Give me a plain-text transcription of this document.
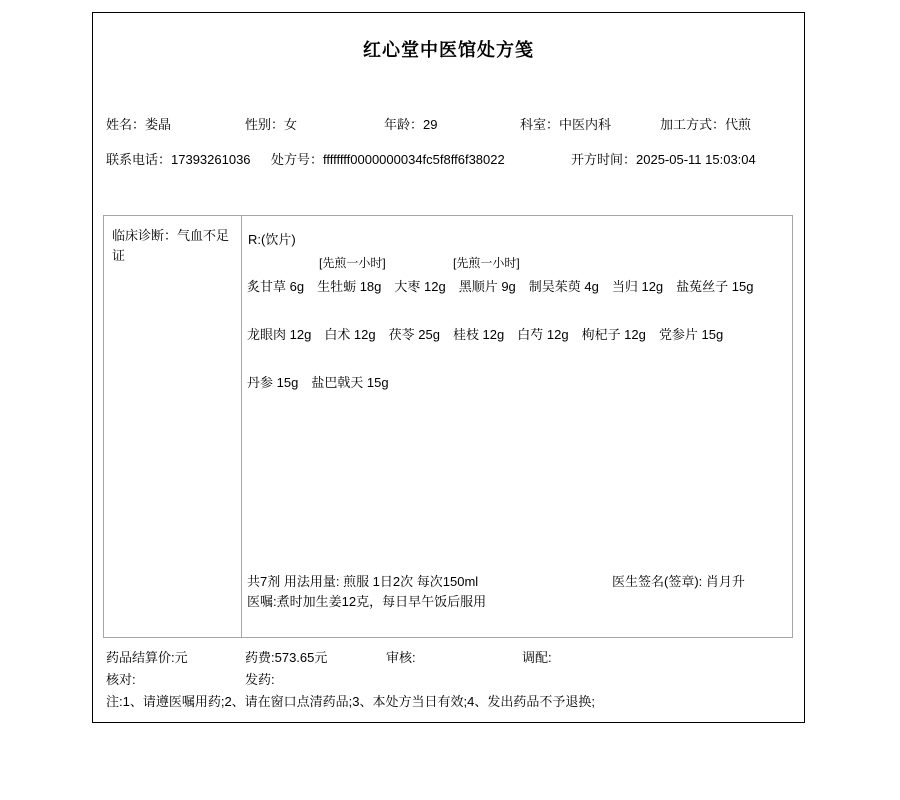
红心堂中医馆处方笺
姓名：娄晶	性别：女	年龄：29	科室：中医内科	加工方式：代煎
联系电话：17393261036 处方号：ffffffff0000000034fc5f8ff6f38022	开方时间：2025-05-11 15:03:04
临床诊断：气血不足证
R:(饮片)
[先煎一小时]	[先煎一小时]
炙甘草 6g 生牡蛎 18g 大枣 12g 黑顺片 9g 制吴茱萸 4g 当归 12g 盐菟丝子 15g
龙眼肉 12g 白术 12g 茯苓 25g 桂枝 12g 白芍 12g 枸杞子 12g 党参片 15g
丹参 15g 盐巴戟天 15g
共7剂 用法用量: 煎服 1日2次 每次150ml
医嘱:煮时加生姜12克，每日早午饭后服用
医生签名(签章): 肖月升
药品结算价:元	药费:573.65元	审核:	调配:
核对:	发药:
注:1、请遵医嘱用药;2、请在窗口点清药品;3、本处方当日有效;4、发出药品不予退换;
